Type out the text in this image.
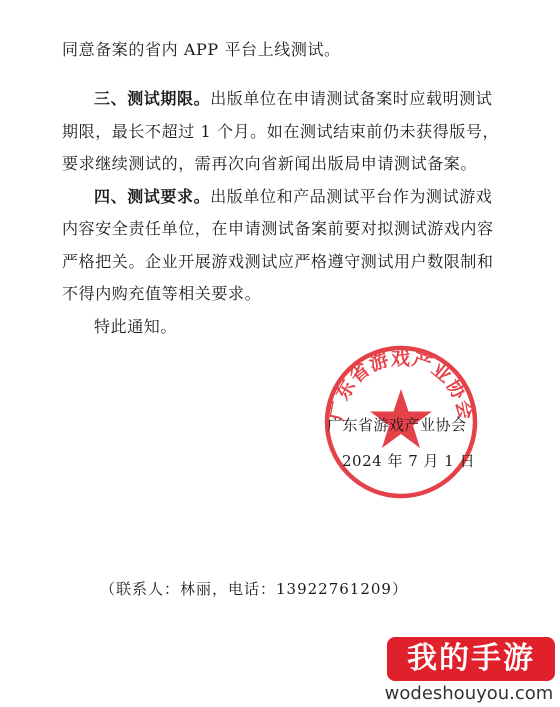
同意备案的省内 APP 平台上线测试。
三、测试期限。出版单位在申请测试备案时应载明测试
期限，最长不超过 1 个月。如在测试结束前仍未获得版号，
要求继续测试的，需再次向省新闻出版局申请测试备案。
四、测试要求。出版单位和产品测试平台作为测试游戏
内容安全责任单位，在申请测试备案前要对拟测试游戏内容
严格把关。企业开展游戏测试应严格遵守测试用户数限制和
不得内购充值等相关要求。
特此通知。
广东省游戏产业协会
广东省游戏产业协会
2024 年 7 月 1 日
（联系人：林丽，电话：13922761209）
我的手游
wodeshouyou.com
